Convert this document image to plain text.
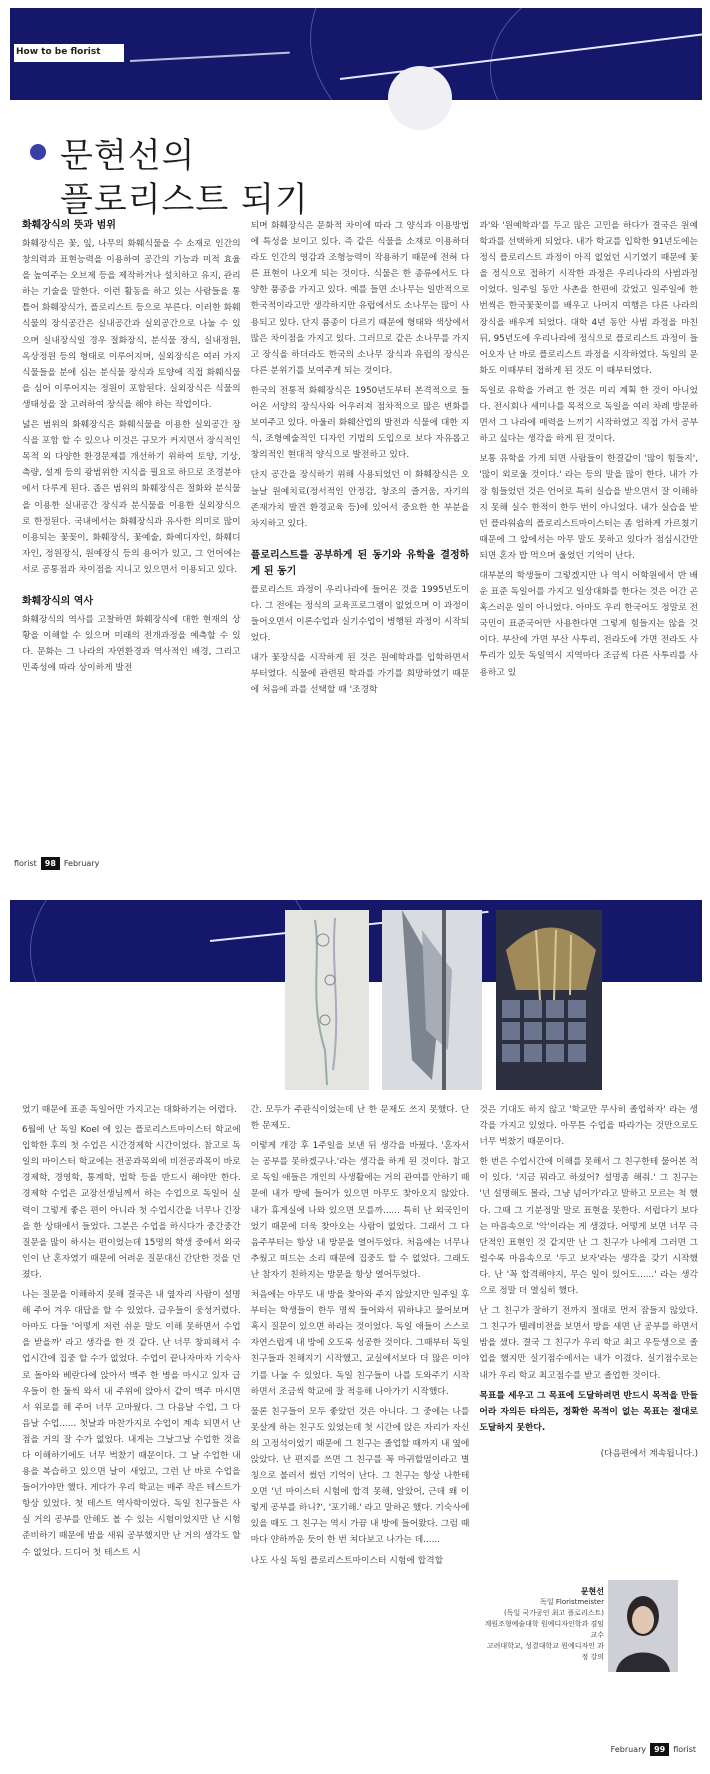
How to be florist
문현선의
플로리스트 되기
화훼장식의 뜻과 범위

화훼장식은 꽃, 잎, 나무의 화훼식물을 수 소재로 인간의 창의력과 표현능력을 이용하여 공간의 기능과 미적 효율을 높여주는 오브제 등을 제작하거나 설치하고 유지, 관리하는 기술을 말한다. 이런 활동을 하고 있는 사람들을 통틀어 화훼장식가, 플로리스트 등으로 부른다. 이러한 화훼식물의 장식공간은 실내공간과 실외공간으로 나눌 수 있으며 실내장식일 경우 절화장식, 분식물 장식, 실내정원, 옥상정원 등의 형태로 이루어지며, 실외장식은 여러 가지 식물들을 분에 심는 분식물 장식과 토양에 직접 화훼식물을 심어 이루어지는 정원이 포함된다. 실외장식은 식물의 생태성을 잘 고려하여 장식을 해야 하는 작업이다.

넓은 범위의 화훼장식은 화훼식물을 이용한 실외공간 장식을 포함 할 수 있으나 이것은 규모가 커지면서 장식적인 목적 외 다양한 환경문제를 개선하기 위하여 토양, 기상, 측량, 설계 등의 광범위한 지식을 필요로 하므로 조경분야에서 다루게 된다. 좁은 범위의 화훼장식은 절화와 분식물을 이용한 실내공간 장식과 분식물을 이용한 실외장식으로 한정된다. 국내에서는 화훼장식과 유사한 의미로 많이 이용되는 꽃꽂이, 화훼장식, 꽃예술, 화예디자인, 화훼디자인, 정원장식, 원예장식 등의 용어가 있고, 그 언어에는 서로 공통점과 차이점을 지니고 있으면서 이용되고 있다.

화훼장식의 역사

화훼장식의 역사를 고찰하면 화훼장식에 대한 현재의 상황을 이해할 수 있으며 미래의 전개과정을 예측할 수 있다. 문화는 그 나라의 자연환경과 역사적인 배경, 그리고 민족성에 따라 상이하게 발전

되며 화훼장식은 문화적 차이에 따라 그 양식과 이용방법에 특성을 보이고 있다. 즉 같은 식물을 소재로 이용하더라도 인간의 영감과 조형능력이 작용하기 때문에 전혀 다른 표현이 나오게 되는 것이다. 식물은 한 종류에서도 다양한 품종을 가지고 있다. 예를 들면 소나무는 일반적으로 한국적이라고만 생각하지만 유럽에서도 소나무는 많이 사용되고 있다. 단지 품종이 다르기 때문에 형태와 색상에서 많은 차이점을 가지고 있다. 그러므로 같은 소나무를 가지고 장식을 하더라도 한국의 소나무 장식과 유럽의 장식은 다른 분위기를 보여주게 되는 것이다.

한국의 전통적 화훼장식은 1950년도부터 본격적으로 들어온 서양의 장식사와 어우러져 점차적으로 많은 변화를 보여주고 있다. 아울러 화훼산업의 발전과 식물에 대한 지식, 조형예술적인 디자인 기법의 도입으로 보다 자유롭고 창의적인 현대적 양식으로 발전하고 있다.

단지 공간을 장식하기 위해 사용되었던 이 화훼장식은 오늘날 원예치료(정서적인 안정감, 창조의 즐거움, 자기의 존재가치 발견 환경교육 등)에 있어서 중요한 한 부분을 차지하고 있다.

플로리스트를 공부하게 된 동기와 유학을 결정하게 된 동기

플로리스트 과정이 우리나라에 들어온 것을 1995년도이다. 그 전에는 정식의 교육프로그램이 없었으며 이 과정이 들어오면서 이론수업과 실기수업이 병행된 과정이 시작되었다.

내가 꽃장식을 시작하게 된 것은 원예학과를 입학하면서부터였다. 식물에 관련된 학과를 가기를 희망하였기 때문에 처음에 과를 선택할 때 '조경학

과'와 '원예학과'를 두고 많은 고민을 하다가 결국은 원예학과를 선택하게 되었다. 내가 학교를 입학한 91년도에는 정식 플로리스트 과정이 아직 없었던 시기였기 때문에 꽃을 정식으로 접하기 시작한 과정은 우리나라의 사범과정이었다. 일주일 동안 사촌을 한편에 갔었고 일주일에 한 번씩은 한국꽃꽂이를 배우고 나머지 여행은 다른 나라의 장식을 배우게 되었다. 대학 4년 동안 사범 과정을 마친 뒤, 95년도에 우리나라에 정식으로 플로리스트 과정이 들어오자 난 바로 플로리스트 과정을 시작하였다. 독일의 문화도 이때부터 접하게 된 것도 이 때부터였다.

독일로 유학을 가려고 한 것은 미리 계획 한 것이 아니었다. 전시회나 세미나를 목적으로 독일을 여러 차례 방문하면서 그 나라에 매력을 느끼기 시작하였고 직접 가서 공부하고 싶다는 생각을 하게 된 것이다.

보통 유학을 가게 되면 사람들이 한결같이 '많이 힘들지', '많이 외로울 것이다.' 라는 등의 말을 많이 한다. 내가 가장 힘들었던 것은 언어로 특히 실습을 받으면서 잘 이해하지 못해 실수 한적이 한두 번이 아니었다. 내가 실습을 받던 플라워숍의 플로리스트마이스터는 좀 엄하게 가르쳤기 때문에 그 앞에서는 아무 말도 못하고 있다가 점심시간만 되면 혼자 밥 먹으며 울었던 기억이 난다.

대부분의 학생들이 그렇겠지만 나 역시 어학원에서 반 배운 표준 독일어를 가지고 일상대화를 한다는 것은 어간 곤혹스러운 일이 아니었다. 아마도 우리 한국어도 정말로 전 국민이 표준국어만 사용한다면 그렇게 힘들지는 않을 것이다. 부산에 가면 부산 사투리, 전라도에 가면 전라도 사투리가 있듯 독일역시 지역마다 조금씩 다른 사투리를 사용하고 있

florist	98	February

었기 때문에 표준 독일어만 가지고는 대화하기는 어렵다.

6월에 난 독일 Koel 에 있는 플로리스트마이스터 학교에 입학한 후의 첫 수업은 시간경제학 시간이었다. 참고로 독일의 마이스터 학교에는 전공과목외에 비전공과목이 바로 경제학, 경영학, 통계학, 법학 등을 반드시 해야만 한다. 경제학 수업은 교장선생님께서 하는 수업으로 독일어 실력이 그렇게 좋은 편이 아니라 첫 수업시간을 너무나 긴장을 한 상태에서 들었다. 그분은 수업을 하시다가 중간중간 질문을 많이 하시는 편이었는데 15명의 학생 중에서 외국인이 난 혼자였기 때문에 어려운 질문대신 간단한 것을 던졌다.

나는 질문을 이해하지 못해 결국은 내 옆자리 사람이 설명해 주어 겨우 대답을 할 수 있었다. 급우들이 웅성거렸다. 아마도 다들 '어떻게 저런 쉬운 말도 이해 못하면서 수업을 받을까' 라고 생각을 한 것 같다. 난 너무 창피해서 수업시간에 집중 할 수가 없었다. 수업이 끝나자마자 기숙사로 돌아와 베란다에 앉아서 맥주 한 병을 마시고 있자 급우들이 한 둘씩 와서 내 주위에 앉아서 같이 맥주 마시면서 위로를 해 주어 너무 고마웠다. 그 다음날 수업, 그 다음날 수업...... 첫날과 마찬가지로 수업이 계속 되면서 난 점을 거의 잘 수가 없었다. 내게는 그날그날 수업한 것을 다 이해하기에도 너무 벅찼기 때문이다. 그 날 수업한 내용을 복습하고 있으면 날이 새었고, 그런 난 바로 수업을 들어가야만 했다. 게다가 우리 학교는 매주 작은 테스트가 항상 있었다. 첫 테스트 역사학이었다. 독일 친구들은 사실 거의 공부를 안해도 볼 수 있는 시험이었지만 난 시험준비하기 때문에 밤을 새워 공부했지만 난 거의 생각도 할 수 없었다. 드디어 첫 테스트 시

간. 모두가 주관식이었는데 난 한 문제도 쓰지 못했다. 단 한 문제도.

이렇게 개강 후 1주일을 보낸 뒤 생각을 바꿨다. '혼자서는 공부를 못하겠구나.'라는 생각을 하게 된 것이다. 참고로 독일 애들은 개인의 사생활에는 거의 관여를 안하기 때문에 내가 방에 들어가 있으면 아무도 찾아오지 않았다. 내가 휴게실에 나와 있으면 모를까...... 특히 난 외국인이었기 때문에 더욱 찾아오는 사람이 없었다. 그래서 그 다음주부터는 항상 내 방문을 열어두었다. 처음에는 너무나 추웠고 떠드는 소리 때문에 집중도 할 수 없었다. 그래도 난 참자기 친하지는 방문을 항상 열어두었다.

처음에는 아무도 내 방을 찾아와 주지 않았지만 일주일 후부터는 학생들이 한두 명씩 들어와서 뭐하냐고 물어보며 혹시 질문이 있으면 하라는 것이었다. 독일 애들이 스스로 자연스럽게 내 방에 오도록 성공한 것이다. 그때부터 독일친구들과 친해지기 시작했고, 교실에서보다 더 많은 이야기를 나눌 수 있었다. 독일 친구들이 나를 도와주기 시작하면서 조금씩 학교에 잘 적응해 나아가기 시작했다.

물론 친구들이 모두 좋았던 것은 아니다. 그 중에는 나를 못살게 하는 친구도 있었는데 첫 시간에 앉은 자리가 자신의 고정석이었기 때문에 그 친구는 졸업할 때까지 내 옆에 앉았다. 난 편지를 쓰면 그 친구를 꼭 마귀할멈이라고 별칭으로 불러서 썼던 기억이 난다. 그 친구는 항상 나한테 오면 '넌 마이스터 시험에 합격 못해, 알았어, 근데 왜 이렇게 공부를 하니?', '포기해.' 라고 말하곤 했다. 기숙사에 있을 때도 그 친구는 역시 가끔 내 방에 들어왔다. 그럼 때마다 얀하까운 듯이 한 번 쳐다보고 나가는 데......

나도 사실 독일 플로리스트마이스터 시험에 합격할

것은 기대도 하지 않고 '학교만 무사히 졸업하자' 라는 생각을 가지고 있었다. 아무튼 수업을 따라가는 것만으로도 너무 벅찼기 때문이다.

한 번은 수업시간에 이해를 못해서 그 친구한테 물어본 적이 있다. '지금 뭐라고 하셨어? 설명좀 해줘.' 그 친구는 '넌 설명해도 몰라, 그냥 넘어가'라고 말하고 모르는 척 했다. 그때 그 기분정말 말로 표현을 못한다. 서럽다기 보다는 마음속으로 '악'이라는 게 생겼다. 어떻게 보면 너무 극단적인 표현인 것 같지만 난 그 친구가 나에게 그러면 그럴수록 마음속으로 '두고 보자'라는 생각을 갖기 시작했다. 난 '꼭 합격해야지, 무슨 일이 있어도......' 라는 생각으로 정말 더 열심히 했다.

난 그 친구가 잘하기 전까지 절대로 먼저 잠들지 않았다. 그 친구가 텔레비전을 보면서 방을 새면 난 공부를 하면서 밤을 샜다. 결국 그 친구가 우리 학교 최고 우등생으로 졸업을 했지만 실기점수에서는 내가 이겼다. 실기점수로는 내가 우리 학교 최고점수를 받고 졸업한 것이다.

목표를 세우고 그 목표에 도달하려면 반드시 목적을 만들어라 자의든 타의든, 정확한 목적이 없는 목표는 절대로 도달하지 못한다.

(다음편에서 계속됩니다.)
문현선
독일 Floristmeister
(독일 국가공인 최고 플로리스트)
계원조형예술대학 원예디자인학과 겸임교수
고려대학교, 성결대학교 원예디자인 과정 강의
February	99	florist
